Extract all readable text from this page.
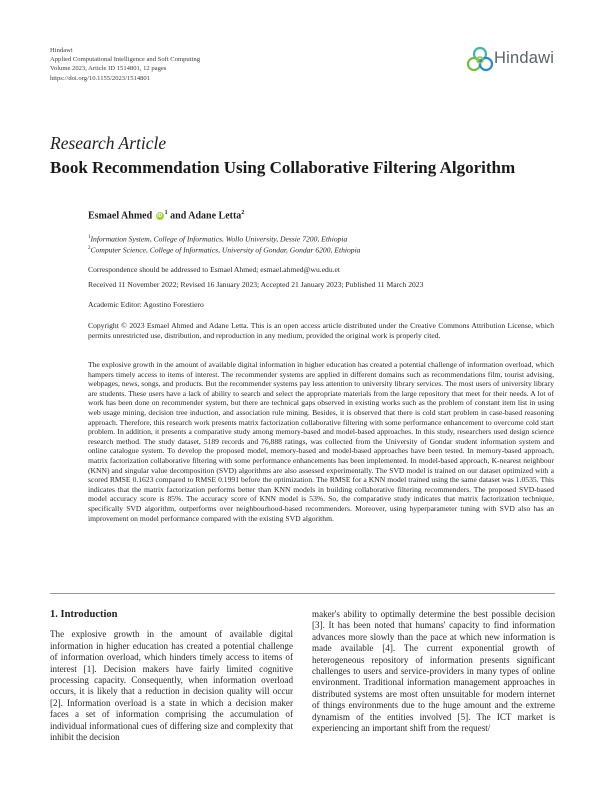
Hindawi
Applied Computational Intelligence and Soft Computing
Volume 2023, Article ID 1514801, 12 pages
https://doi.org/10.1155/2023/1514801
Hindawi
Research Article
Book Recommendation Using Collaborative Filtering Algorithm
Esmael Ahmed $iD^1$ and Adane Letta$^2$
$^1$Information System, College of Informatics, Wollo University, Dessie 7200, Ethiopia
$^2$Computer Science, College of Informatics, University of Gondar, Gondar 6200, Ethiopia
Correspondence should be addressed to Esmael Ahmed; esmael.ahmed@wu.edu.et
Received 11 November 2022; Revised 16 January 2023; Accepted 21 January 2023; Published 11 March 2023
Academic Editor: Agostino Forestiero
Copyright © 2023 Esmael Ahmed and Adane Letta. This is an open access article distributed under the Creative Commons Attribution License, which permits unrestricted use, distribution, and reproduction in any medium, provided the original work is properly cited.
The explosive growth in the amount of available digital information in higher education has created a potential challenge of information overload, which hampers timely access to items of interest. The recommender systems are applied in different domains such as recommendations film, tourist advising, webpages, news, songs, and products. But the recommender systems pay less attention to university library services. The most users of university library are students. These users have a lack of ability to search and select the appropriate materials from the large repository that meet for their needs. A lot of work has been done on recommender system, but there are technical gaps observed in existing works such as the problem of constant item list in using web usage mining, decision tree induction, and association rule mining. Besides, it is observed that there is cold start problem in case-based reasoning approach. Therefore, this research work presents matrix factorization collaborative filtering with some performance enhancement to overcome cold start problem. In addition, it presents a comparative study among memory-based and model-based approaches. In this study, researchers used design science research method. The study dataset, 5189 records and 76,888 ratings, was collected from the University of Gondar student information system and online catalogue system. To develop the proposed model, memory-based and model-based approaches have been tested. In memory-based approach, matrix factorization collaborative filtering with some performance enhancements has been implemented. In model-based approach, K-nearest neighbour (KNN) and singular value decomposition (SVD) algorithms are also assessed experimentally. The SVD model is trained on our dataset optimized with a scored RMSE 0.1623 compared to RMSE 0.1991 before the optimization. The RMSE for a KNN model trained using the same dataset was 1.0535. This indicates that the matrix factorization performs better than KNN models in building collaborative filtering recommenders. The proposed SVD-based model accuracy score is 85%. The accuracy score of KNN model is 53%. So, the comparative study indicates that matrix factorization technique, specifically SVD algorithm, outperforms over neighbourhood-based recommenders. Moreover, using hyperparameter tuning with SVD also has an improvement on model performance compared with the existing SVD algorithm.
1. Introduction
The explosive growth in the amount of available digital information in higher education has created a potential challenge of information overload, which hinders timely access to items of interest [1]. Decision makers have fairly limited cognitive processing capacity. Consequently, when information overload occurs, it is likely that a reduction in decision quality will occur [2]. Information overload is a state in which a decision maker faces a set of information comprising the accumulation of individual informational cues of differing size and complexity that inhibit the decision
maker's ability to optimally determine the best possible decision [3]. It has been noted that humans' capacity to find information advances more slowly than the pace at which new information is made available [4]. The current exponential growth of heterogeneous repository of information presents significant challenges to users and service-providers in many types of online environment. Traditional information management approaches in distributed systems are most often unsuitable for modern internet of things environments due to the huge amount and the extreme dynamism of the entities involved [5]. The ICT market is experiencing an important shift from the request/
